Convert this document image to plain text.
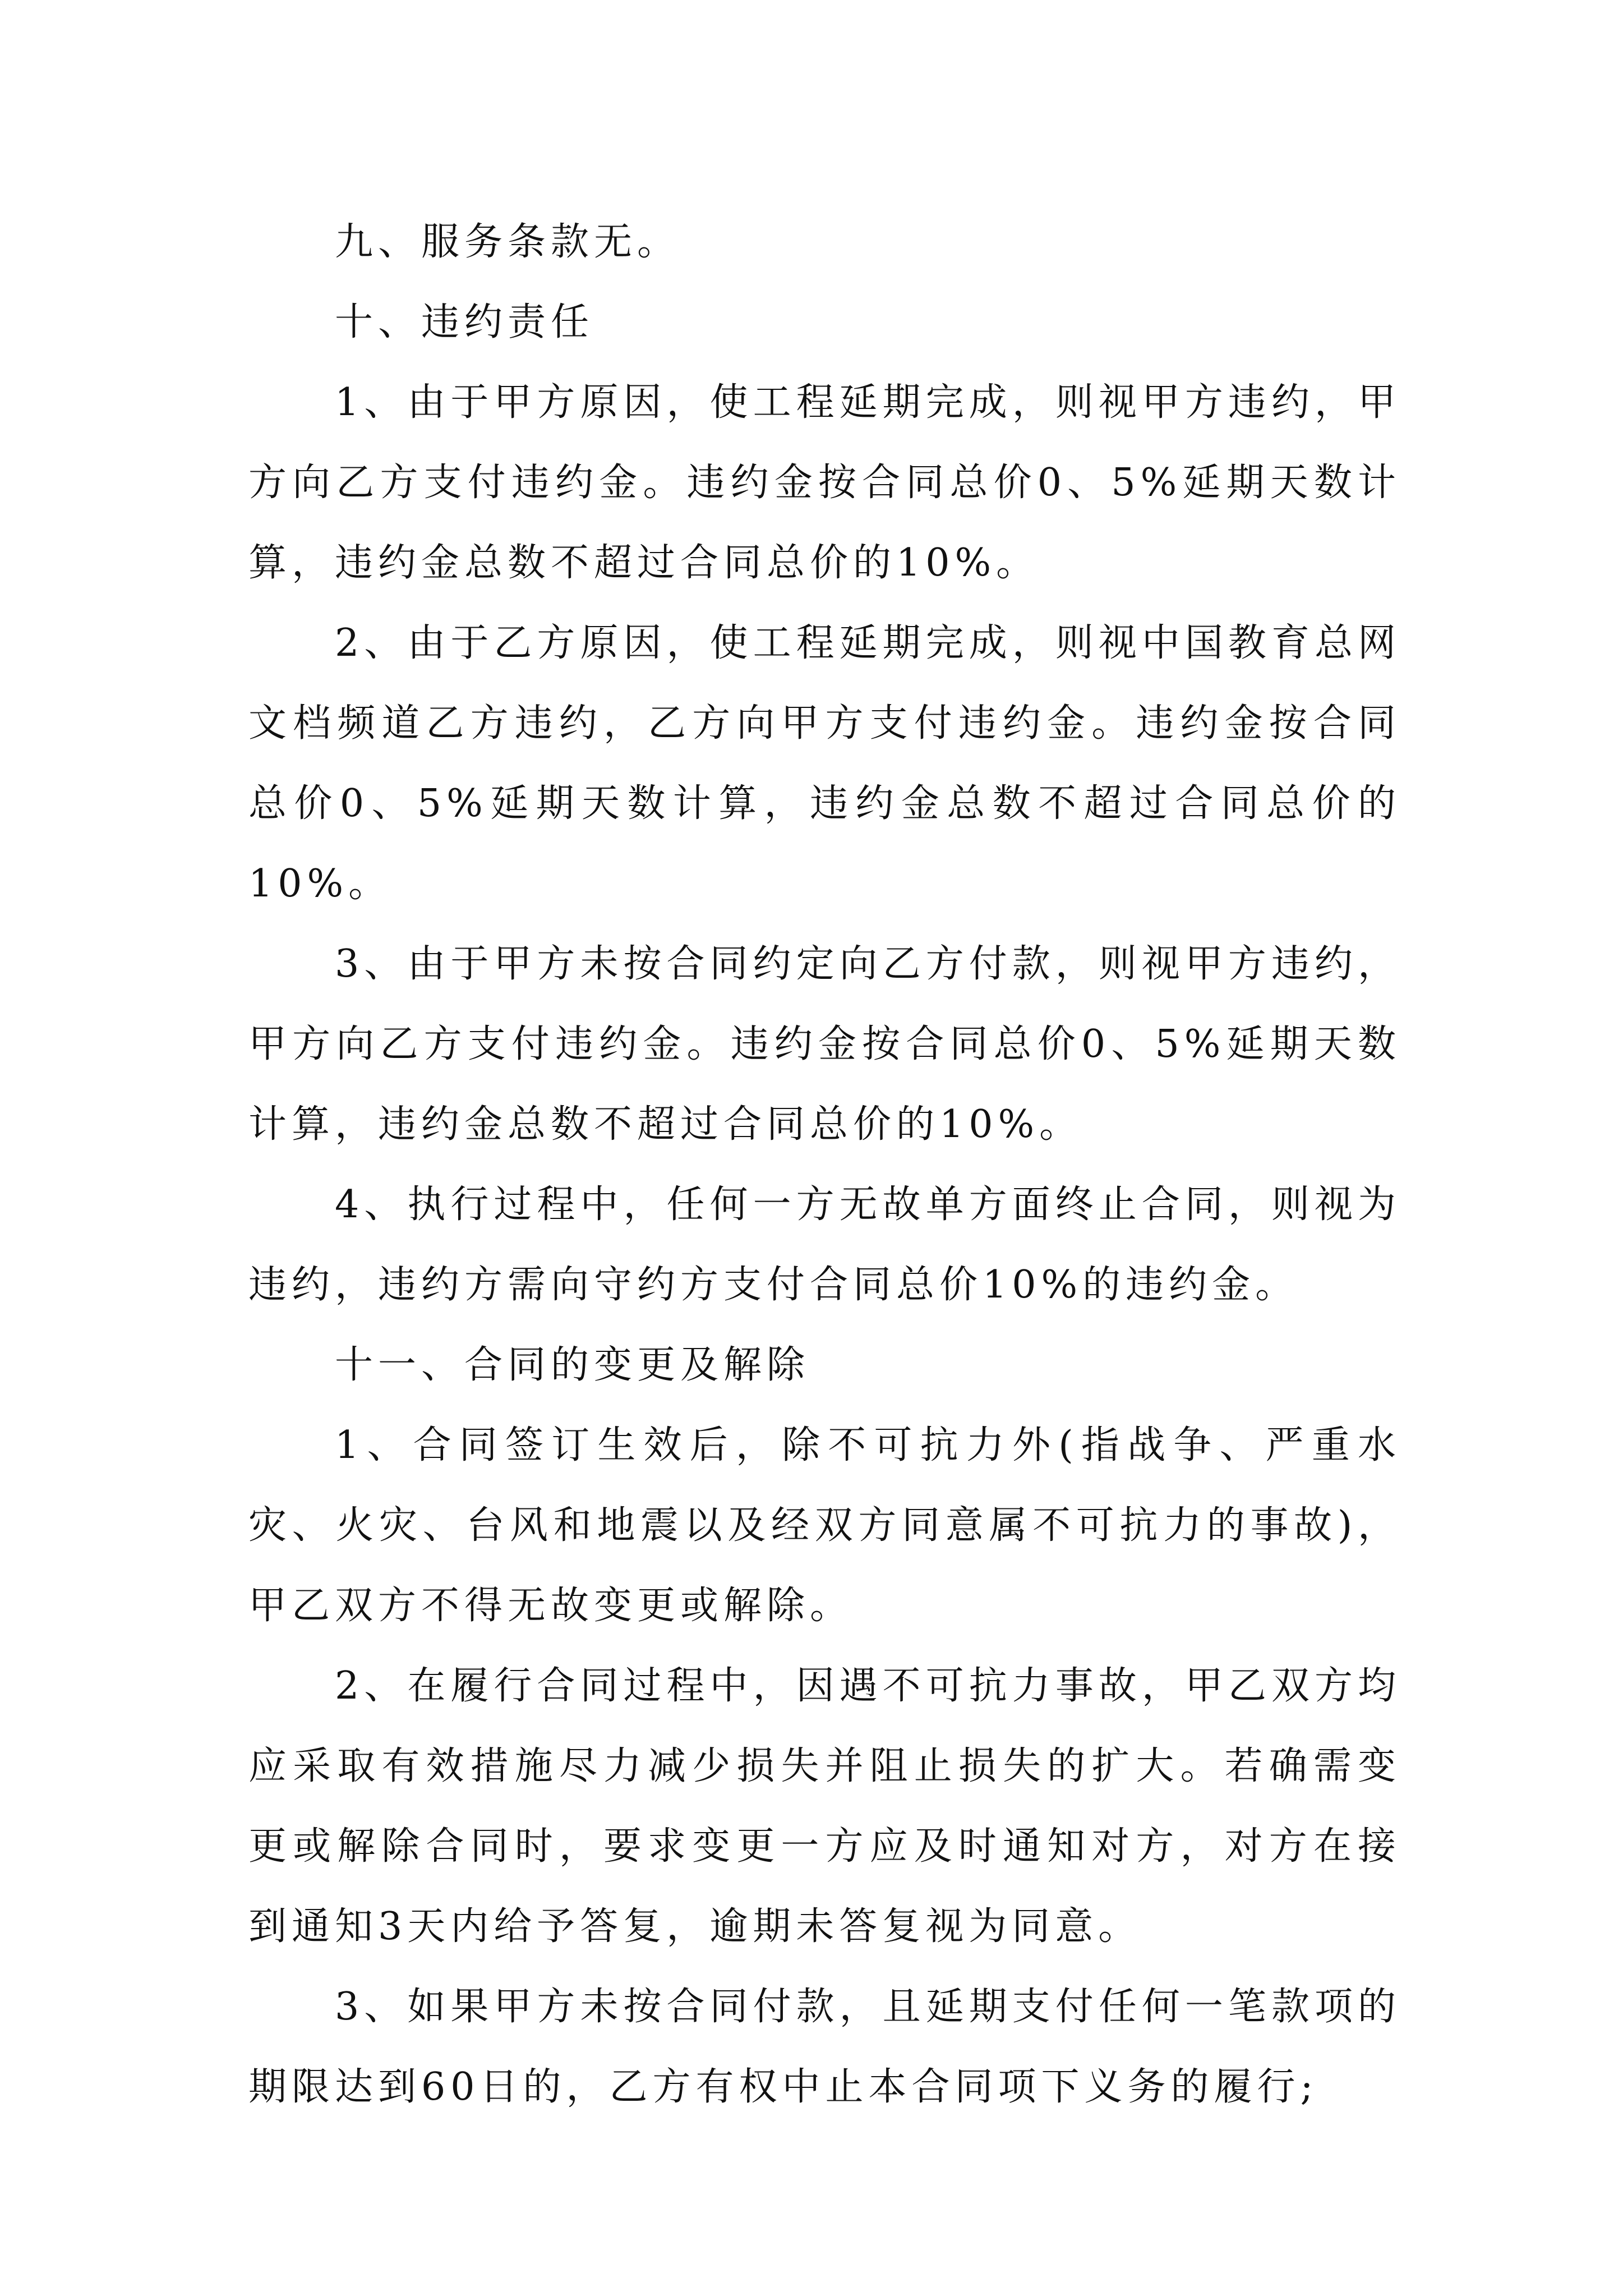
九、服务条款无。

十、违约责任

1、由于甲方原因，使工程延期完成，则视甲方违约，甲方向乙方支付违约金。违约金按合同总价0、5%延期天数计算，违约金总数不超过合同总价的10%。

2、由于乙方原因，使工程延期完成，则视中国教育总网文档频道乙方违约，乙方向甲方支付违约金。违约金按合同总价0、5%延期天数计算，违约金总数不超过合同总价的10%。

3、由于甲方未按合同约定向乙方付款，则视甲方违约，甲方向乙方支付违约金。违约金按合同总价0、5%延期天数计算，违约金总数不超过合同总价的10%。

4、执行过程中，任何一方无故单方面终止合同，则视为违约，违约方需向守约方支付合同总价10%的违约金。

十一、合同的变更及解除

1、合同签订生效后，除不可抗力外(指战争、严重水灾、火灾、台风和地震以及经双方同意属不可抗力的事故)，甲乙双方不得无故变更或解除。

2、在履行合同过程中，因遇不可抗力事故，甲乙双方均应采取有效措施尽力减少损失并阻止损失的扩大。若确需变更或解除合同时，要求变更一方应及时通知对方，对方在接到通知3天内给予答复，逾期未答复视为同意。

3、如果甲方未按合同付款，且延期支付任何一笔款项的期限达到60日的，乙方有权中止本合同项下义务的履行;
